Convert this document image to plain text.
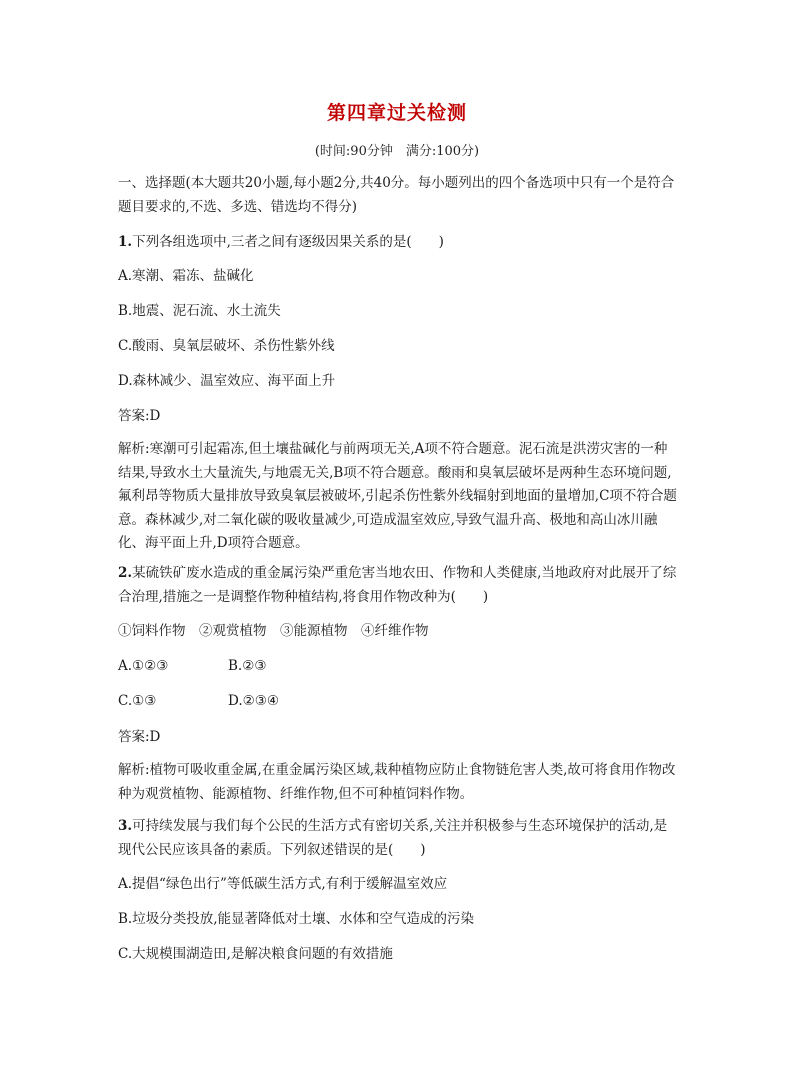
第四章过关检测
(时间:90分钟　满分:100分)
一、选择题(本大题共20小题,每小题2分,共40分。每小题列出的四个备选项中只有一个是符合题目要求的,不选、多选、错选均不得分)
1.下列各组选项中,三者之间有逐级因果关系的是(　　)
A.寒潮、霜冻、盐碱化
B.地震、泥石流、水土流失
C.酸雨、臭氧层破坏、杀伤性紫外线
D.森林减少、温室效应、海平面上升
答案:D
解析:寒潮可引起霜冻,但土壤盐碱化与前两项无关,A项不符合题意。泥石流是洪涝灾害的一种结果,导致水土大量流失,与地震无关,B项不符合题意。酸雨和臭氧层破坏是两种生态环境问题,氟利昂等物质大量排放导致臭氧层被破坏,引起杀伤性紫外线辐射到地面的量增加,C项不符合题意。森林减少,对二氧化碳的吸收量减少,可造成温室效应,导致气温升高、极地和高山冰川融化、海平面上升,D项符合题意。
2.某硫铁矿废水造成的重金属污染严重危害当地农田、作物和人类健康,当地政府对此展开了综合治理,措施之一是调整作物种植结构,将食用作物改种为(　　)
①饲料作物　②观赏植物　③能源植物　④纤维作物
A.①②③	B.②③
C.①③	D.②③④
答案:D
解析:植物可吸收重金属,在重金属污染区域,栽种植物应防止食物链危害人类,故可将食用作物改种为观赏植物、能源植物、纤维作物,但不可种植饲料作物。
3.可持续发展与我们每个公民的生活方式有密切关系,关注并积极参与生态环境保护的活动,是现代公民应该具备的素质。下列叙述错误的是(　　)
A.提倡“绿色出行”等低碳生活方式,有利于缓解温室效应
B.垃圾分类投放,能显著降低对土壤、水体和空气造成的污染
C.大规模围湖造田,是解决粮食问题的有效措施
